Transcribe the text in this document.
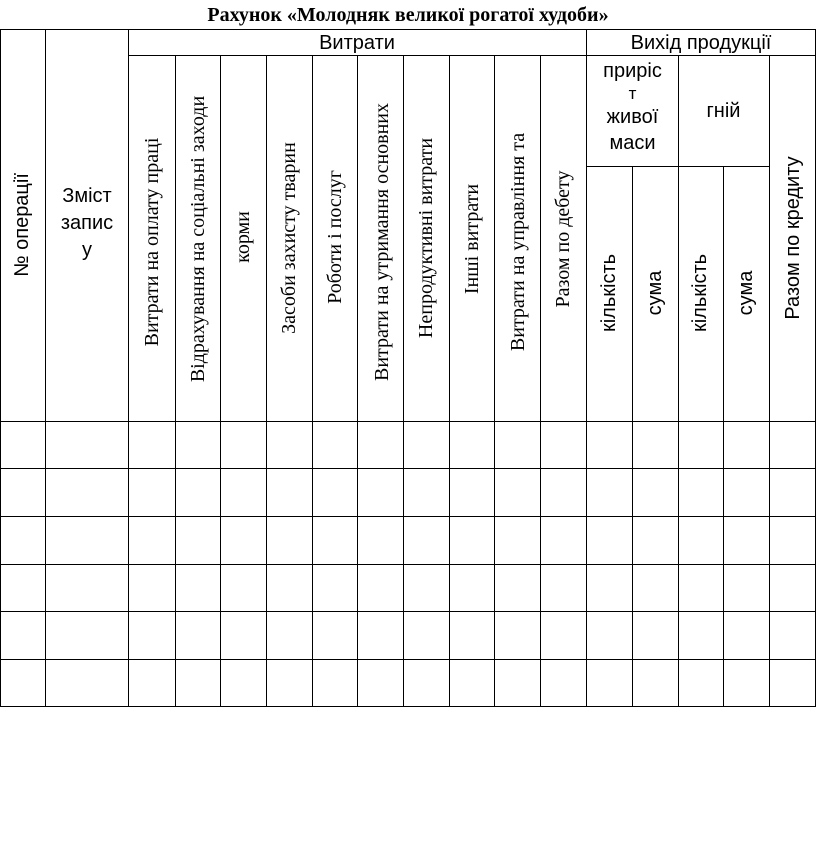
Рахунок «Молодняк великої рогатої худоби»
№ операції	Зміст
запис
у
Витрати	Вихід продукції
Витрати на оплату праці Відрахування на соціальні заходи корми Засоби захисту тварин Роботи і послуг Витрати на утримання основних Непродуктивні витрати Інші витрати Витрати на управління та Разом по дебету
приріс
т
живої
маси
гній
кількість сума кількість сума Разом по кредиту
